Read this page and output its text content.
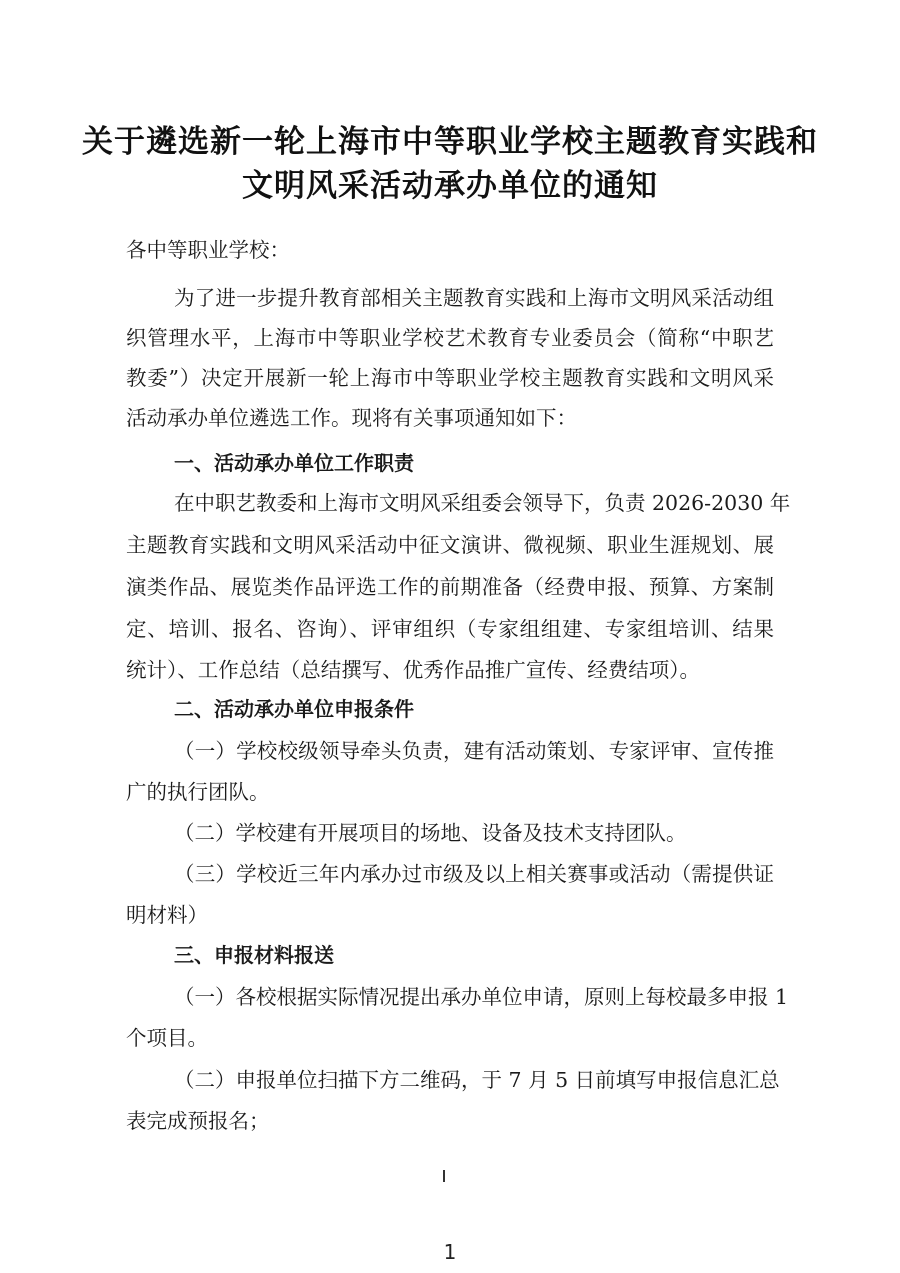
关于遴选新一轮上海市中等职业学校主题教育实践和
文明风采活动承办单位的通知
各中等职业学校：
为了进一步提升教育部相关主题教育实践和上海市文明风采活动组
织管理水平，上海市中等职业学校艺术教育专业委员会（简称“中职艺
教委”）决定开展新一轮上海市中等职业学校主题教育实践和文明风采
活动承办单位遴选工作。现将有关事项通知如下：
一、活动承办单位工作职责
在中职艺教委和上海市文明风采组委会领导下，负责 2026-2030 年
主题教育实践和文明风采活动中征文演讲、微视频、职业生涯规划、展
演类作品、展览类作品评选工作的前期准备（经费申报、预算、方案制
定、培训、报名、咨询）、评审组织（专家组组建、专家组培训、结果
统计）、工作总结（总结撰写、优秀作品推广宣传、经费结项）。
二、活动承办单位申报条件
（一）学校校级领导牵头负责，建有活动策划、专家评审、宣传推
广的执行团队。
（二）学校建有开展项目的场地、设备及技术支持团队。
（三）学校近三年内承办过市级及以上相关赛事或活动（需提供证
明材料）
三、申报材料报送
（一）各校根据实际情况提出承办单位申请，原则上每校最多申报 1
个项目。
（二）申报单位扫描下方二维码，于 7 月 5 日前填写申报信息汇总
表完成预报名；
1
